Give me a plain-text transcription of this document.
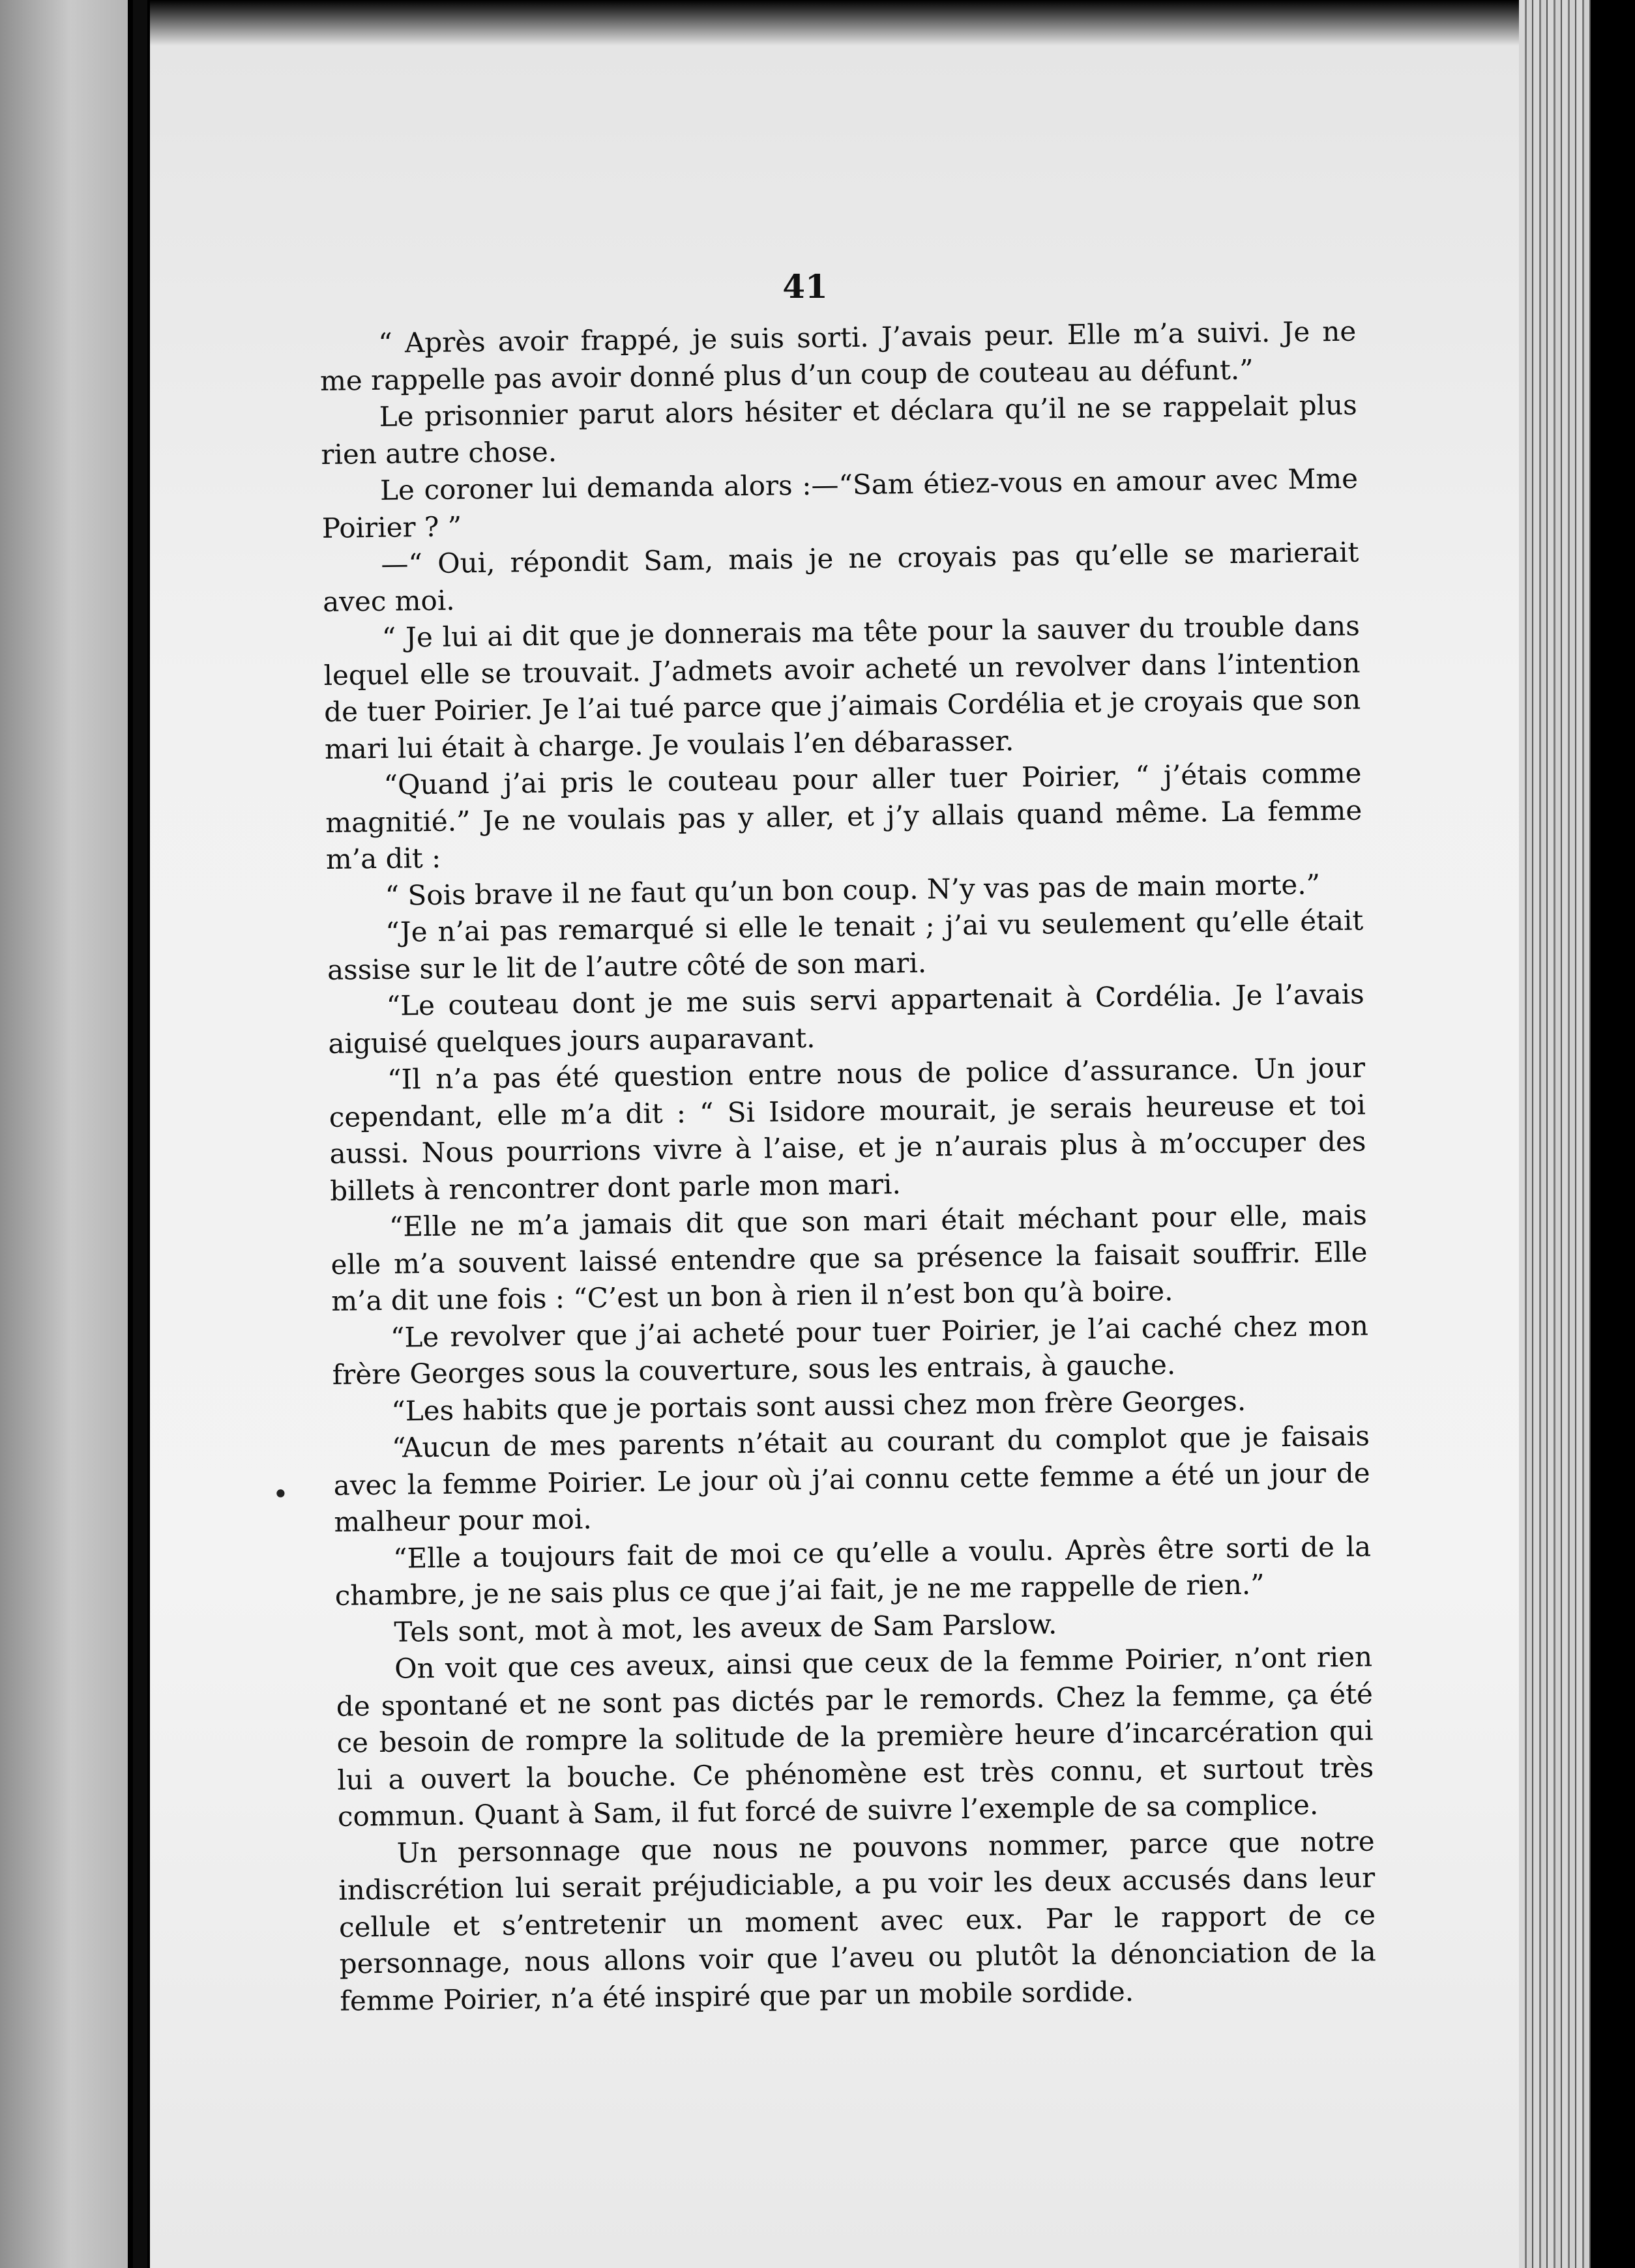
41

“ Après avoir frappé, je suis sorti. J’avais peur. Elle m’a suivi. Je ne me rappelle pas avoir donné plus d’un coup de couteau au défunt.”

Le prisonnier parut alors hésiter et déclara qu’il ne se rappelait plus rien autre chose.

Le coroner lui demanda alors :—“Sam étiez-vous en amour avec Mme Poirier ? ”

—“ Oui, répondit Sam, mais je ne croyais pas qu’elle se marierait avec moi.

“ Je lui ai dit que je donnerais ma tête pour la sauver du trouble dans lequel elle se trouvait. J’admets avoir acheté un revolver dans l’intention de tuer Poirier. Je l’ai tué parce que j’aimais Cordélia et je croyais que son mari lui était à charge. Je voulais l’en débarasser.

“Quand j’ai pris le couteau pour aller tuer Poirier, “ j’étais comme magnitié.” Je ne voulais pas y aller, et j’y allais quand même. La femme m’a dit :

“ Sois brave il ne faut qu’un bon coup. N’y vas pas de main morte.”

“Je n’ai pas remarqué si elle le tenait ; j’ai vu seulement qu’elle était assise sur le lit de l’autre côté de son mari.

“Le couteau dont je me suis servi appartenait à Cordélia. Je l’avais aiguisé quelques jours auparavant.

“Il n’a pas été question entre nous de police d’assurance. Un jour cependant, elle m’a dit : “ Si Isidore mourait, je serais heureuse et toi aussi. Nous pourrions vivre à l’aise, et je n’aurais plus à m’occuper des billets à rencontrer dont parle mon mari.

“Elle ne m’a jamais dit que son mari était méchant pour elle, mais elle m’a souvent laissé entendre que sa présence la faisait souffrir. Elle m’a dit une fois : “C’est un bon à rien il n’est bon qu’à boire.

“Le revolver que j’ai acheté pour tuer Poirier, je l’ai caché chez mon frère Georges sous la couverture, sous les entrais, à gauche.

“Les habits que je portais sont aussi chez mon frère Georges.

“Aucun de mes parents n’était au courant du complot que je faisais avec la femme Poirier. Le jour où j’ai connu cette femme a été un jour de malheur pour moi.

“Elle a toujours fait de moi ce qu’elle a voulu. Après être sorti de la chambre, je ne sais plus ce que j’ai fait, je ne me rappelle de rien.”

Tels sont, mot à mot, les aveux de Sam Parslow.

On voit que ces aveux, ainsi que ceux de la femme Poirier, n’ont rien de spontané et ne sont pas dictés par le remords. Chez la femme, ça été ce besoin de rompre la solitude de la première heure d’incarcération qui lui a ouvert la bouche. Ce phénomène est très connu, et surtout très commun. Quant à Sam, il fut forcé de suivre l’exemple de sa complice.

Un personnage que nous ne pouvons nommer, parce que notre indiscrétion lui serait préjudiciable, a pu voir les deux accusés dans leur cellule et s’entretenir un moment avec eux. Par le rapport de ce personnage, nous allons voir que l’aveu ou plutôt la dénonciation de la femme Poirier, n’a été inspiré que par un mobile sordide.

•
